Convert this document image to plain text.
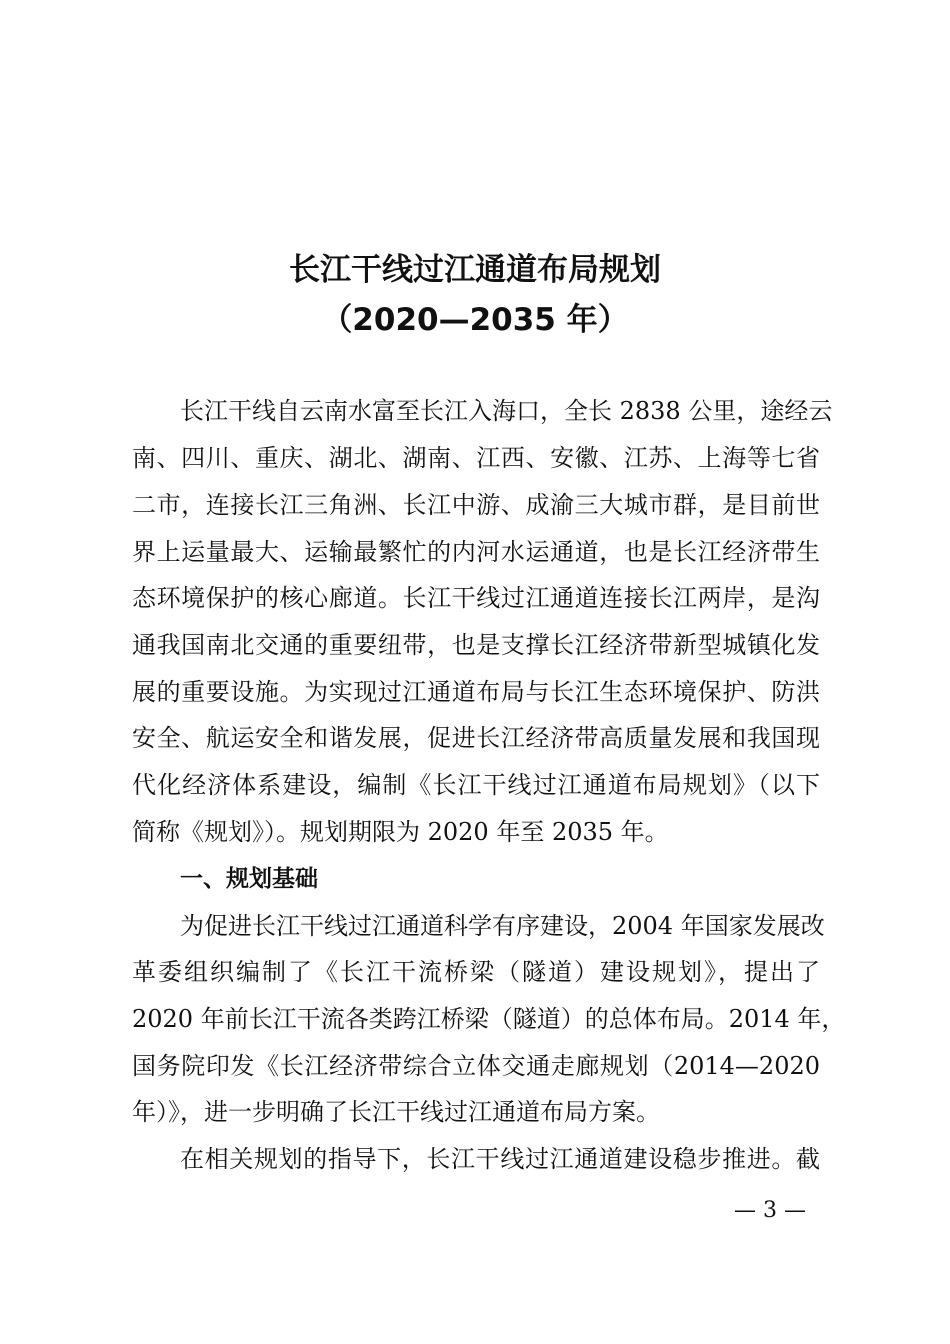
长江干线过江通道布局规划
（2020—2035 年）
长江干线自云南水富至长江入海口，全长 2838 公里，途经云
南、四川、重庆、湖北、湖南、江西、安徽、江苏、上海等七省
二市，连接长江三角洲、长江中游、成渝三大城市群，是目前世
界上运量最大、运输最繁忙的内河水运通道，也是长江经济带生
态环境保护的核心廊道。长江干线过江通道连接长江两岸，是沟
通我国南北交通的重要纽带，也是支撑长江经济带新型城镇化发
展的重要设施。为实现过江通道布局与长江生态环境保护、防洪
安全、航运安全和谐发展，促进长江经济带高质量发展和我国现
代化经济体系建设，编制《长江干线过江通道布局规划》（以下
简称《规划》）。规划期限为 2020 年至 2035 年。
一、规划基础
为促进长江干线过江通道科学有序建设，2004 年国家发展改
革委组织编制了《长江干流桥梁（隧道）建设规划》，提出了
2020 年前长江干流各类跨江桥梁（隧道）的总体布局。2014 年，
国务院印发《长江经济带综合立体交通走廊规划（2014—2020
年）》，进一步明确了长江干线过江通道布局方案。
在相关规划的指导下，长江干线过江通道建设稳步推进。截
— 3 —
